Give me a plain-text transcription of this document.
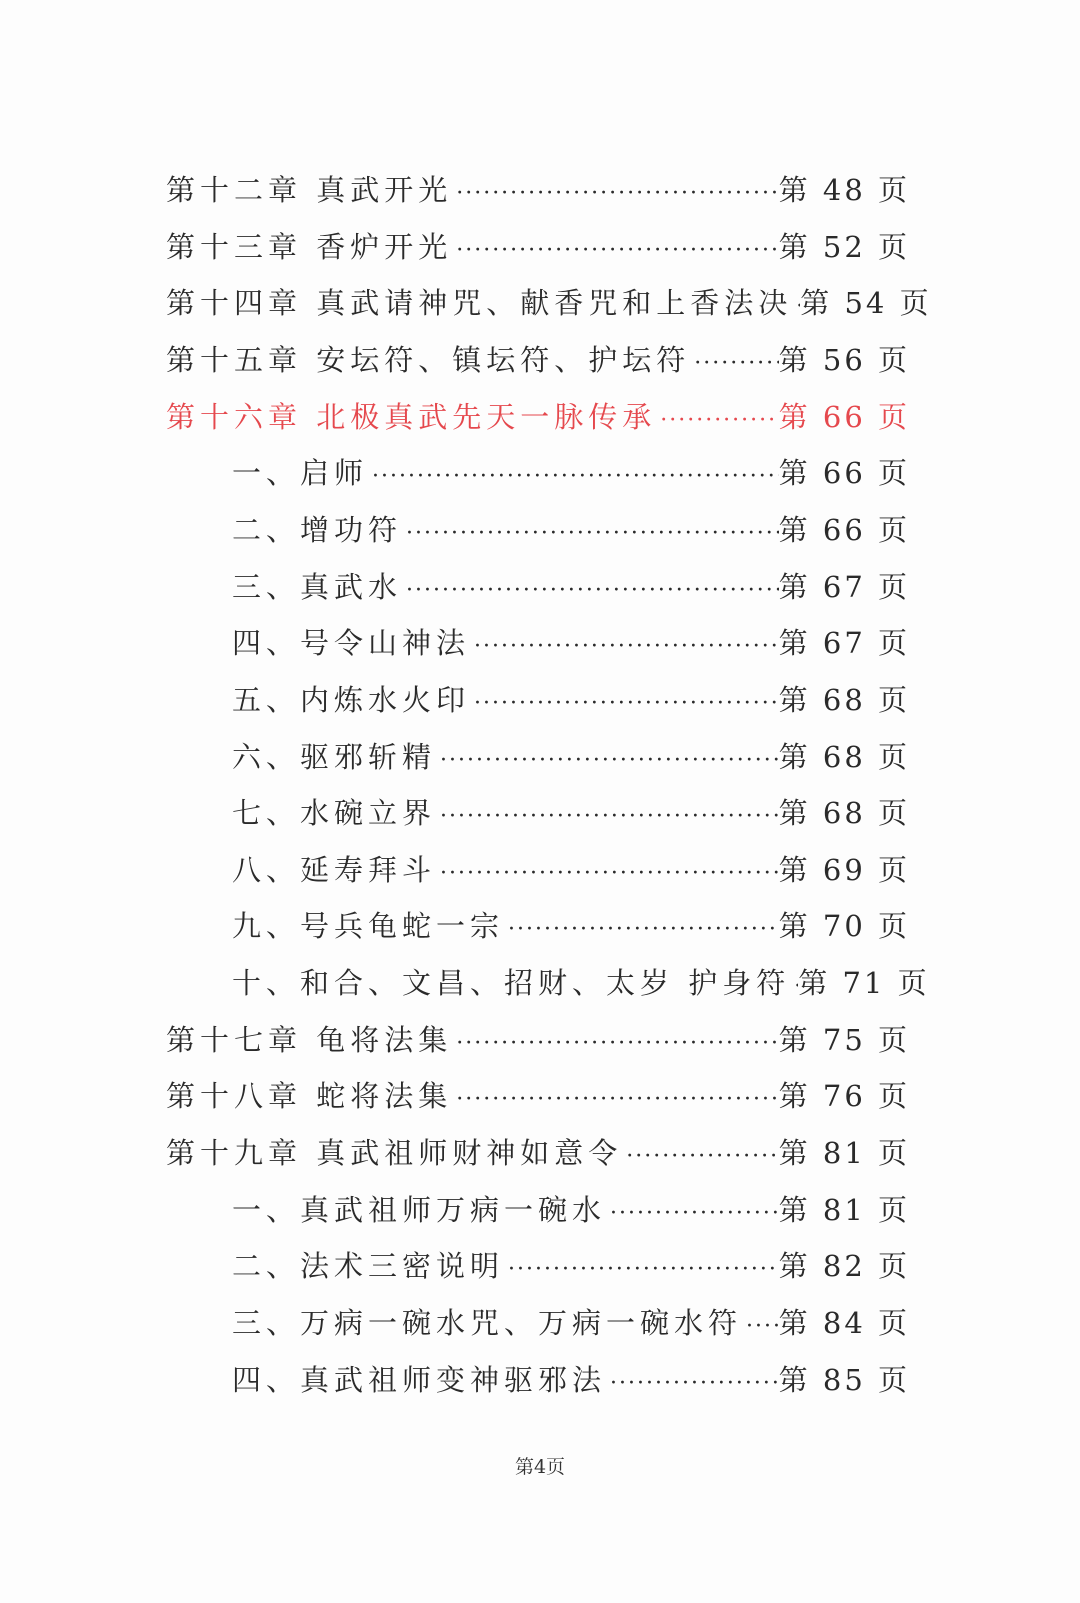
第十二章 真武开光 ·····	第 48 页
第十三章 香炉开光 ·····	第 52 页
第十四章 真武请神咒、献香咒和上香法决 ····· 第 54 页
第十五章 安坛符、镇坛符、护坛符 ·····	第 56 页
第十六章 北极真武先天一脉传承 ·····	第 66 页
一、启师 ·····	第 66 页
二、增功符 ·····	第 66 页
三、真武水 ·····	第 67 页
四、号令山神法 ·····	第 67 页
五、内炼水火印 ·····	第 68 页
六、驱邪斩精 ·····	第 68 页
七、水碗立界 ·····	第 68 页
八、延寿拜斗 ·····	第 69 页
九、号兵龟蛇一宗 ·····	第 70 页
十、和合、文昌、招财、太岁 护身符 ····· 第 71 页
第十七章 龟将法集 ·····	第 75 页
第十八章 蛇将法集 ·····	第 76 页
第十九章 真武祖师财神如意令 ·····	第 81 页
一、真武祖师万病一碗水 ·····	第 81 页
二、法术三密说明 ·····	第 82 页
三、万病一碗水咒、万病一碗水符 ····· 第 84 页
四、真武祖师变神驱邪法 ·····	第 85 页
第4页
